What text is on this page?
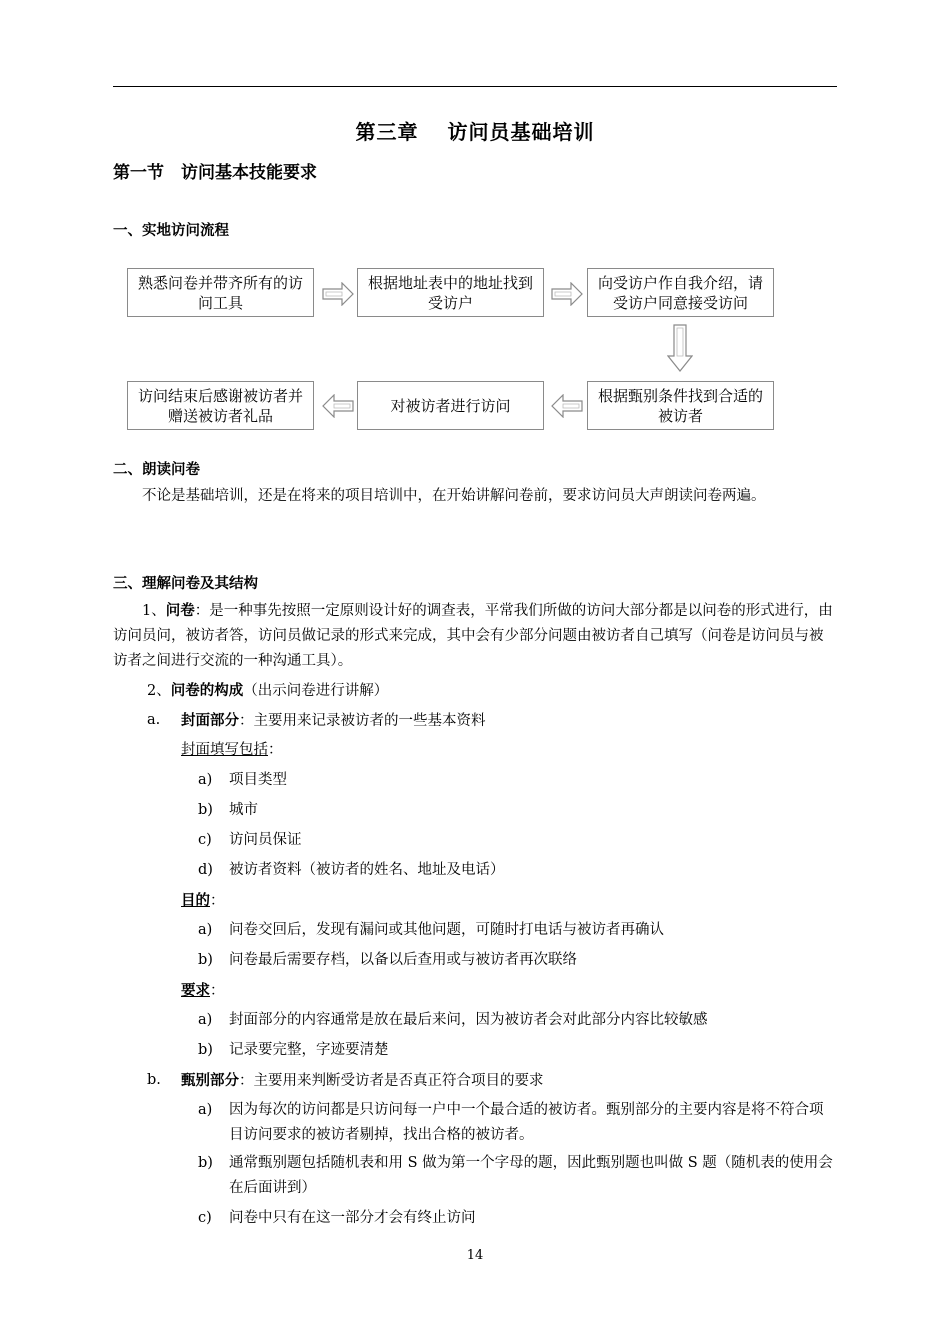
第三章　 访问员基础培训
第一节　访问基本技能要求
一、实地访问流程
熟悉问卷并带齐所有的访问工具
根据地址表中的地址找到受访户
向受访户作自我介绍，请受访户同意接受访问
根据甄别条件找到合适的被访者
对被访者进行访问
访问结束后感谢被访者并赠送被访者礼品
二、朗读问卷
不论是基础培训，还是在将来的项目培训中，在开始讲解问卷前，要求访问员大声朗读问卷两遍。
三、理解问卷及其结构
1、问卷：是一种事先按照一定原则设计好的调查表，平常我们所做的访问大部分都是以问卷的形式进行，由访问员问，被访者答，访问员做记录的形式来完成，其中会有少部分问题由被访者自己填写（问卷是访问员与被访者之间进行交流的一种沟通工具）。
2、问卷的构成（出示问卷进行讲解）
a. 封面部分：主要用来记录被访者的一些基本资料
封面填写包括：
a) 项目类型
b) 城市
c) 访问员保证
d) 被访者资料（被访者的姓名、地址及电话）
目的：
a) 问卷交回后，发现有漏问或其他问题，可随时打电话与被访者再确认
b) 问卷最后需要存档，以备以后查用或与被访者再次联络
要求：
a) 封面部分的内容通常是放在最后来问，因为被访者会对此部分内容比较敏感
b) 记录要完整，字迹要清楚
b. 甄别部分：主要用来判断受访者是否真正符合项目的要求
a) 因为每次的访问都是只访问每一户中一个最合适的被访者。甄别部分的主要内容是将不符合项目访问要求的被访者剔掉，找出合格的被访者。
b) 通常甄别题包括随机表和用 S 做为第一个字母的题，因此甄别题也叫做 S 题（随机表的使用会在后面讲到）
c) 问卷中只有在这一部分才会有终止访问
14
